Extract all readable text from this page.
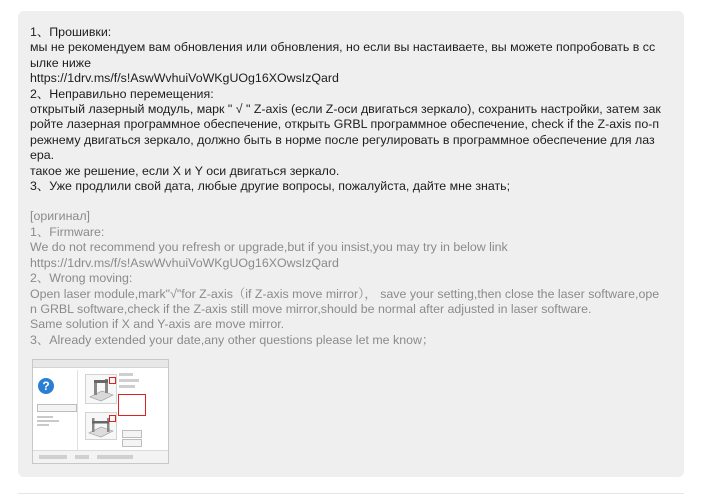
1、Прошивки:
мы не рекомендуем вам обновления или обновления, но если вы настаиваете, вы можете попробовать в сс
ылке ниже
https://1drv.ms/f/s!AswWvhuiVoWKgUOg16XOwsIzQard
2、Неправильно перемещения:
открытый лазерный модуль, марк " √ " Z-axis (если Z-оси двигаться зеркало), сохранить настройки, затем зак
ройте лазерная программное обеспечение, открыть GRBL программное обеспечение, check if the Z-axis по-п
режнему двигаться зеркало, должно быть в норме после регулировать в программное обеспечение для лаз
ера.
такое же решение, если X и Y оси двигаться зеркало.
3、Уже продлили свой дата, любые другие вопросы, пожалуйста, дайте мне знать;
[оригинал]
1、Firmware:
We do not recommend you refresh or upgrade,but if you insist,you may try in below link
https://1drv.ms/f/s!AswWvhuiVoWKgUOg16XOwsIzQard
2、Wrong moving:
Open laser module,mark"√"for Z-axis（if Z-axis move mirror）， save your setting,then close the laser software,ope
n GRBL software,check if the Z-axis still move mirror,should be normal after adjusted in laser software.
Same solution if X and Y-axis are move mirror.
3、Already extended your date,any other questions please let me know；
?
